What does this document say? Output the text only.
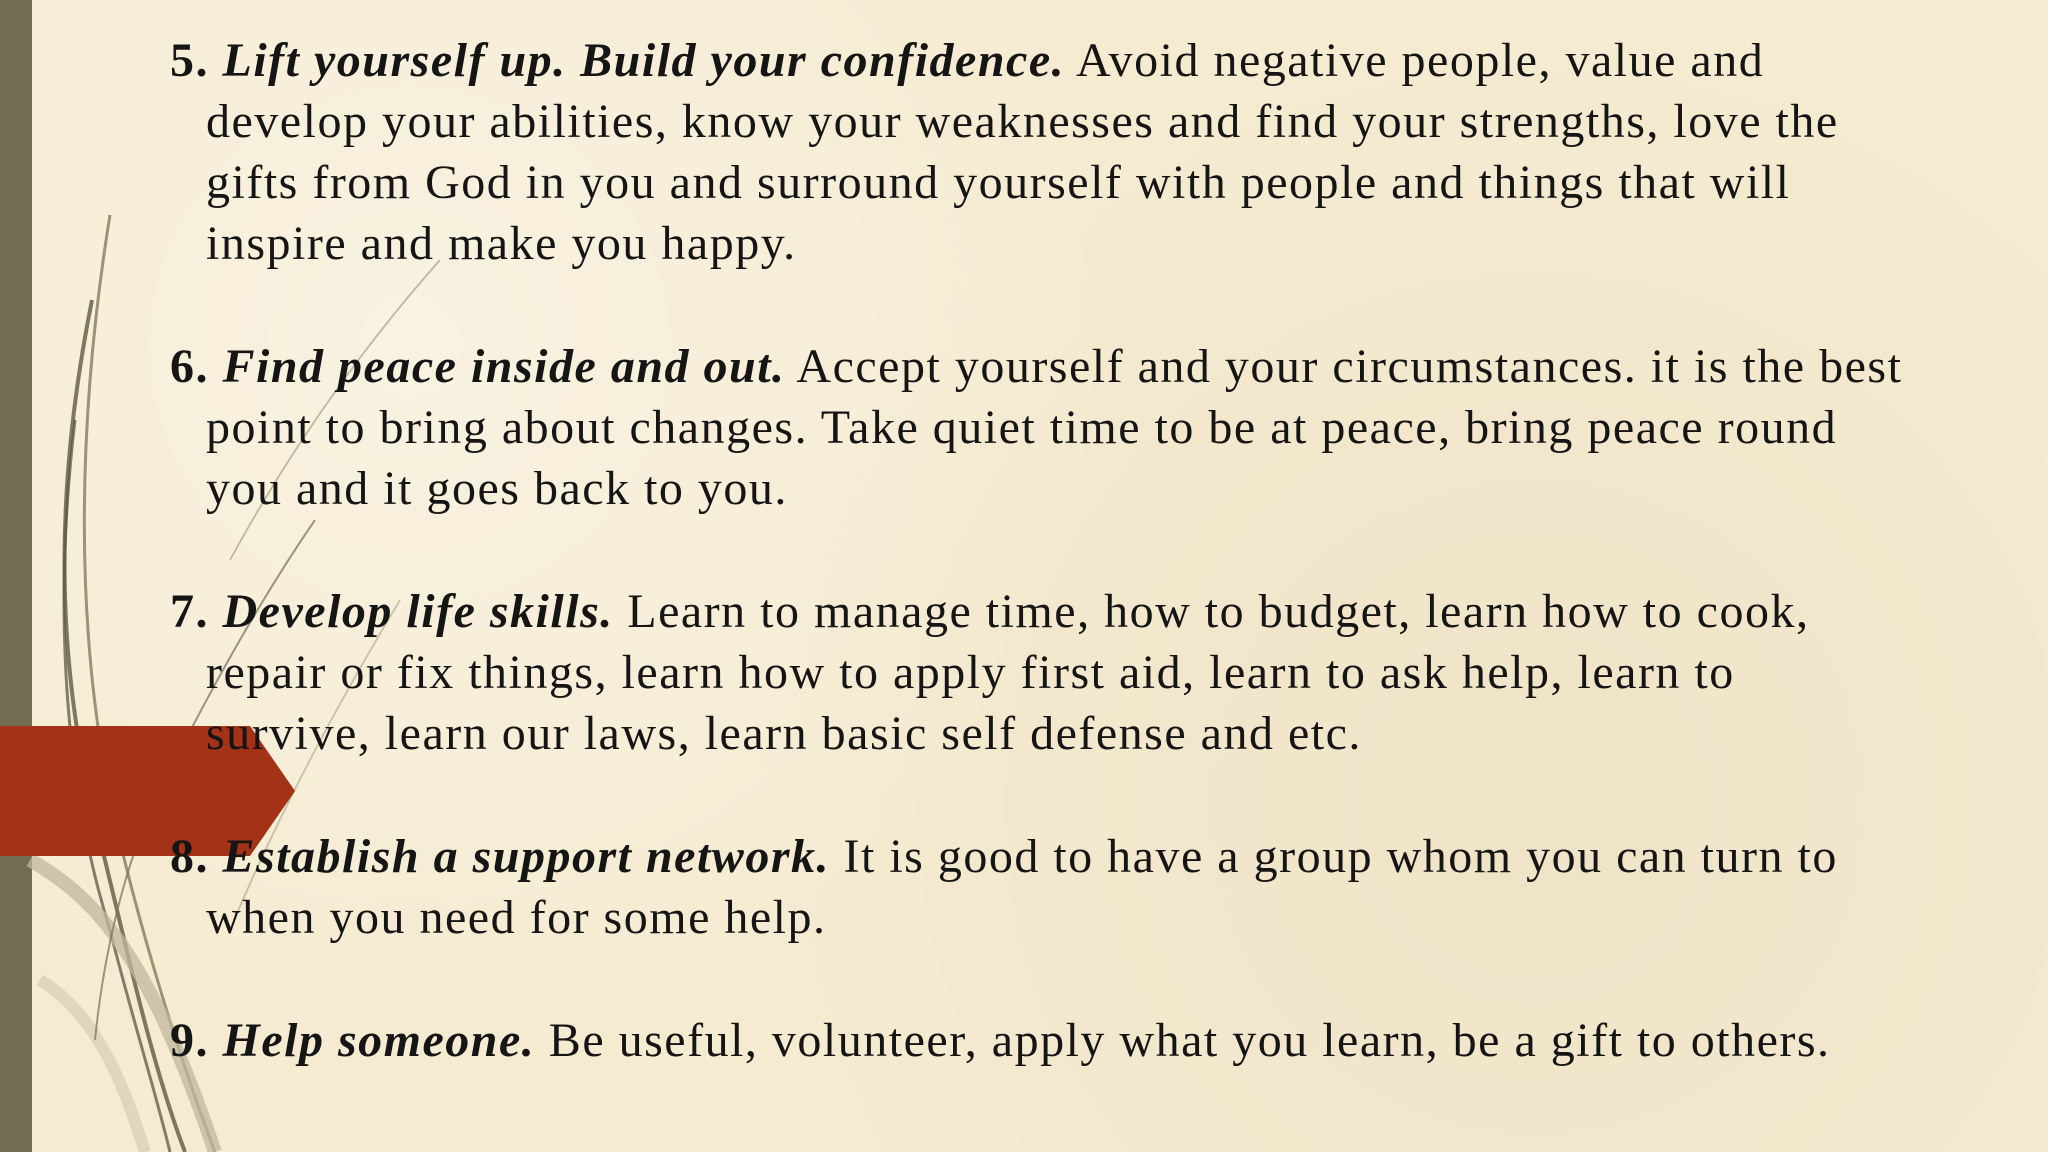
5. Lift yourself up. Build your confidence. Avoid negative people, value and develop your abilities, know your weaknesses and find your strengths, love the gifts from God in you and surround yourself with people and things that will inspire and make you happy.

6. Find peace inside and out. Accept yourself and your circumstances. it is the best point to bring about changes. Take quiet time to be at peace, bring peace round you and it goes back to you.

7. Develop life skills. Learn to manage time, how to budget, learn how to cook, repair or fix things, learn how to apply first aid, learn to ask help, learn to survive, learn our laws, learn basic self defense and etc.

8. Establish a support network. It is good to have a group whom you can turn to when you need for some help.

9. Help someone. Be useful, volunteer, apply what you learn, be a gift to others.
